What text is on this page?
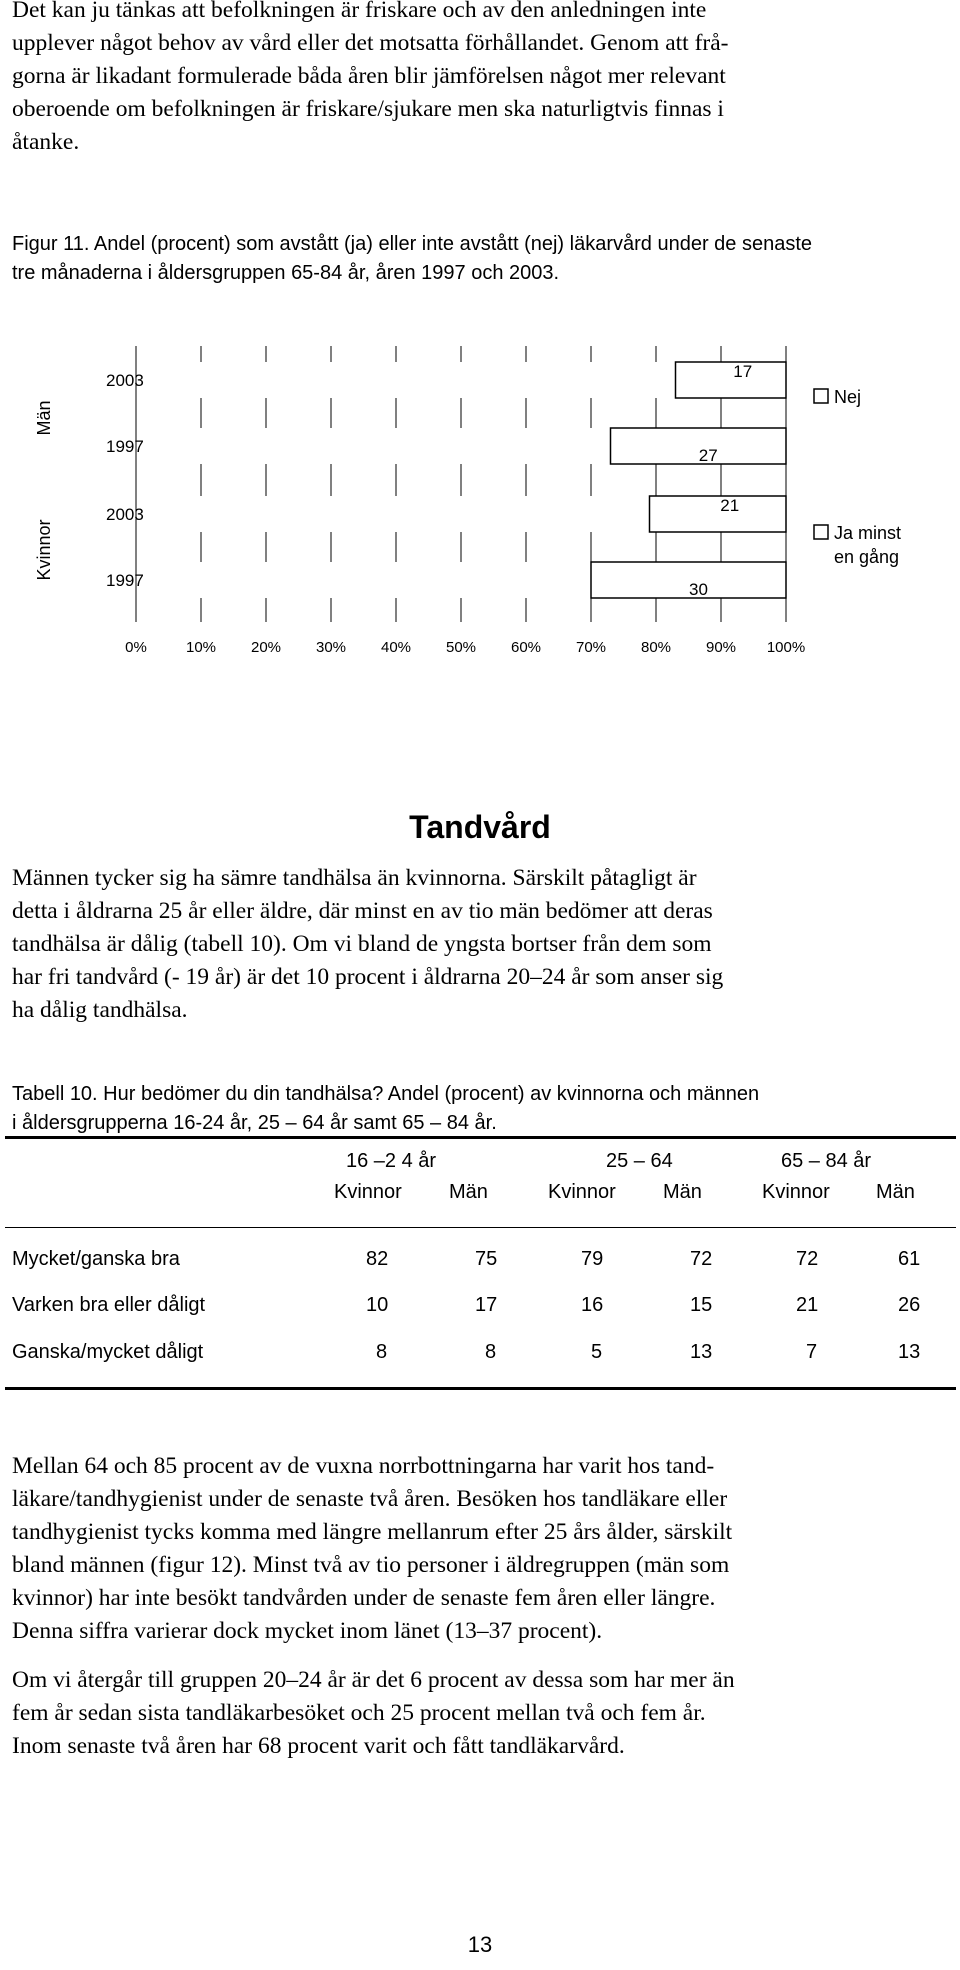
Det kan ju tänkas att befolkningen är friskare och av den anledningen inte
upplever något behov av vård eller det motsatta förhållandet. Genom att frå-
gorna är likadant formulerade båda åren blir jämförelsen något mer relevant
oberoende om befolkningen är friskare/sjukare men ska naturligtvis finnas i
åtanke.
Figur 11. Andel (procent) som avstått (ja) eller inte avstått (nej) läkarvård under de senaste
tre månaderna i åldersgruppen 65-84 år, åren 1997 och 2003.
0%	10% 20% 30% 40% 50% 60% 70% 80% 90% 100%
2003	17
1997	27
2003	21
1997	30
Män
Kvinnor
Nej
Ja minst en gång
Tandvård
Männen tycker sig ha sämre tandhälsa än kvinnorna. Särskilt påtagligt är
detta i åldrarna 25 år eller äldre, där minst en av tio män bedömer att deras
tandhälsa är dålig (tabell 10). Om vi bland de yngsta bortser från dem som
har fri tandvård (- 19 år) är det 10 procent i åldrarna 20–24 år som anser sig
ha dålig tandhälsa.
Tabell 10. Hur bedömer du din tandhälsa? Andel (procent) av kvinnorna och männen
i åldersgrupperna 16-24 år, 25 – 64 år samt 65 – 84 år.
16 –2 4 år	25 – 64	65 – 84 år
Kvinnor Män	Kvinnor Män	Kvinnor Män
Mycket/ganska bra	82	75	79	72	72	61
Varken bra eller dåligt	10	17	16	15	21	26
Ganska/mycket dåligt	8	8	5	13	7	13
Mellan 64 och 85 procent av de vuxna norrbottningarna har varit hos tand-
läkare/tandhygienist under de senaste två åren. Besöken hos tandläkare eller
tandhygienist tycks komma med längre mellanrum efter 25 års ålder, särskilt
bland männen (figur 12). Minst två av tio personer i äldregruppen (män som
kvinnor) har inte besökt tandvården under de senaste fem åren eller längre.
Denna siffra varierar dock mycket inom länet (13–37 procent).
Om vi återgår till gruppen 20–24 år är det 6 procent av dessa som har mer än
fem år sedan sista tandläkarbesöket och 25 procent mellan två och fem år.
Inom senaste två åren har 68 procent varit och fått tandläkarvård.
13
